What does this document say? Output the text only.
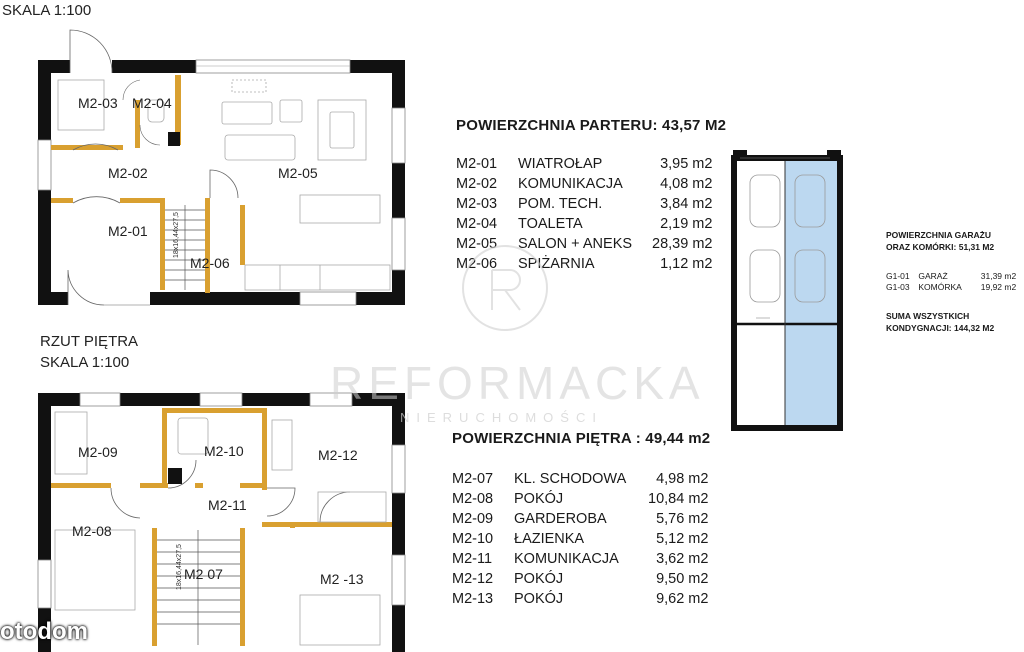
SKALA 1:100
RZUT PIĘTRA
SKALA 1:100
M2-03 M2-04
M2-02	M2-05
M2-01
M2-06
18x16,44x27,5
M2-09	M2-10	M2-12
M2-11
M2-08
M2 07	M2 -13
18x16,44x27,5
POWIERZCHNIA PARTERU: 43,57 M2
M2-01	WIATROŁAP	3,95 m2
M2-02	KOMUNIKACJA	4,08 m2
M2-03	POM. TECH.	3,84 m2
M2-04	TOALETA	2,19 m2
M2-05	SALON + ANEKS	28,39 m2
M2-06	SPIŻARNIA	1,12 m2
POWIERZCHNIA PIĘTRA : 49,44 m2
M2-07	KL. SCHODOWA	4,98 m2
M2-08	POKÓJ	10,84 m2
M2-09	GARDEROBA	5,76 m2
M2-10	ŁAZIENKA	5,12 m2
M2-11	KOMUNIKACJA	3,62 m2
M2-12	POKÓJ	9,50 m2
M2-13	POKÓJ	9,62 m2
POWIERZCHNIA GARAŻU
ORAZ KOMÓRKI: 51,31 M2
G1-01 GARAŻ	31,39 m2
G1-03 KOMÓRKA 19,92 m2
SUMA WSZYSTKICH
KONDYGNACJI: 144,32 M2
REFORMACKA
NIERUCHOMOŚCI
otodom
